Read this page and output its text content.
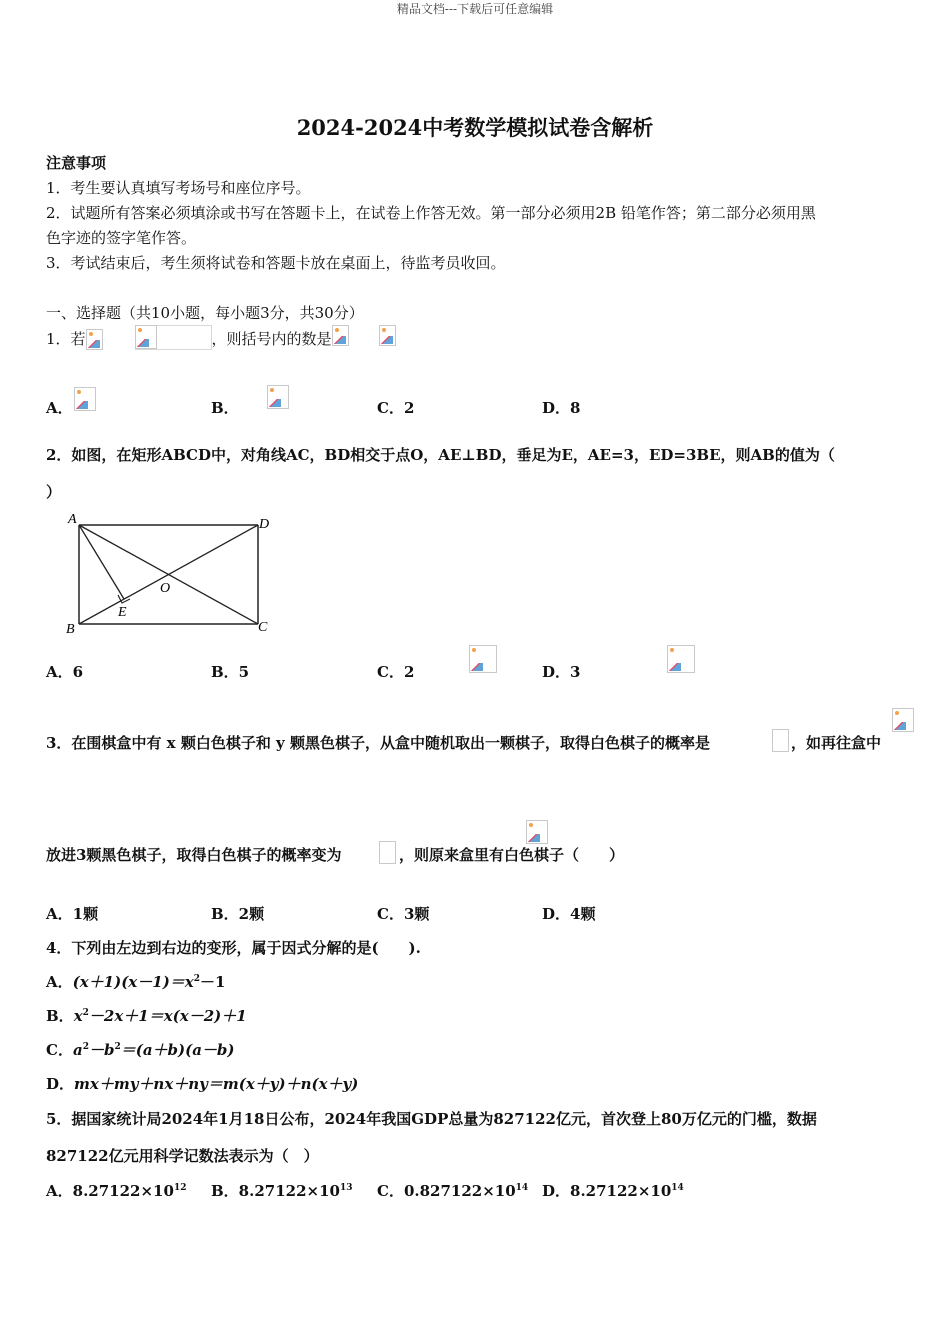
精品文档---下载后可任意编辑
2024-2024中考数学模拟试卷含解析
注意事项
1．考生要认真填写考场号和座位序号。
2．试题所有答案必须填涂或书写在答题卡上，在试卷上作答无效。第一部分必须用2B 铅笔作答；第二部分必须用黑
色字迹的签字笔作答。
3．考试结束后，考生须将试卷和答题卡放在桌面上，待监考员收回。
一、选择题（共10小题，每小题3分，共30分）
1．若	，则括号内的数是
A．
	B．
	C．2	D．8
2．如图，在矩形ABCD中，对角线AC，BD相交于点O，AE⊥BD，垂足为E，AE=3，ED=3BE，则AB的值为（
）
A	D
B	C
O
E
A．6	B．5	C．2
	D．3

3．在围棋盒中有 x 颗白色棋子和 y 颗黑色棋子，从盒中随机取出一颗棋子，取得白色棋子的概率是
	，如再往盒中
放进3颗黑色棋子，取得白色棋子的概率变为	，则原来盒里有白色棋子（　　）
A．1颗	B．2颗	C．3颗	D．4颗
4．下列由左边到右边的变形，属于因式分解的是(　　).
A．$(x+1)(x-1)=x^2-1$
B．$x^2-2x+1=x(x-2)+1$
C．$a^2-b^2=(a+b)(a-b)$
D．mx＋my＋nx＋ny＝m(x＋y)＋n(x＋y)
5．据国家统计局2024年1月18日公布，2024年我国GDP总量为827122亿元，首次登上80万亿元的门槛，数据
827122亿元用科学记数法表示为（　）
A．$8.27122\times 10^{12}$ B．$8.27122\times 10^{13}$ C．$0.827122\times 10^{14}$ D．$8.27122\times 10^{14}$
